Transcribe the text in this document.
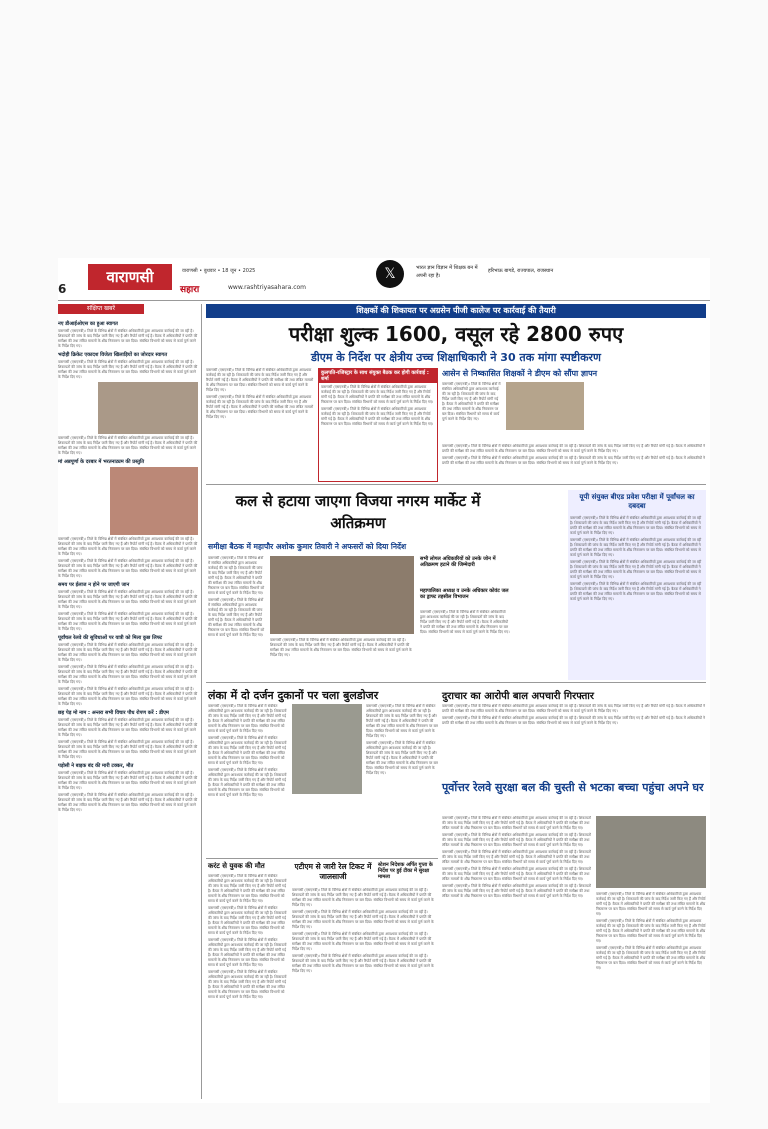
6
वाराणसी	वाराणसी • बुधवार • 18 जून • 2025
सहारा	www.rashtriyasahara.com
𝕏	भारत ज्ञान विज्ञान में शिक्षक बन में अपनी रहा है।
हरिभाऊ बागडे, राज्यपाल, राजस्थान
संक्षिप्त खबरें
नए डीआईओएस का हुआ स्वागत

वाराणसी (एसएनबी)। जिले के विभिन्न क्षेत्रों में संबंधित अधिकारियों द्वारा आवश्यक कार्रवाई की जा रही है। शिकायतों की जांच के बाद निर्देश जारी किए गए हैं और रिपोर्ट मांगी गई है। बैठक में अधिकारियों ने प्रगति की समीक्षा की तथा लंबित मामलों के शीघ्र निस्तारण पर बल दिया। संबंधित विभागों को समय से कार्य पूर्ण करने के निर्देश दिए गए।

भदोही क्रिकेट एकादश विजेता खिलाड़ियों का जोरदार स्वागत

वाराणसी (एसएनबी)। जिले के विभिन्न क्षेत्रों में संबंधित अधिकारियों द्वारा आवश्यक कार्रवाई की जा रही है। शिकायतों की जांच के बाद निर्देश जारी किए गए हैं और रिपोर्ट मांगी गई है। बैठक में अधिकारियों ने प्रगति की समीक्षा की तथा लंबित मामलों के शीघ्र निस्तारण पर बल दिया। संबंधित विभागों को समय से कार्य पूर्ण करने के निर्देश दिए गए।

वाराणसी (एसएनबी)। जिले के विभिन्न क्षेत्रों में संबंधित अधिकारियों द्वारा आवश्यक कार्रवाई की जा रही है। शिकायतों की जांच के बाद निर्देश जारी किए गए हैं और रिपोर्ट मांगी गई है। बैठक में अधिकारियों ने प्रगति की समीक्षा की तथा लंबित मामलों के शीघ्र निस्तारण पर बल दिया। संबंधित विभागों को समय से कार्य पूर्ण करने के निर्देश दिए गए।

मां अन्नपूर्णा के दरबार में भरतनाट्यम की प्रस्तुति

वाराणसी (एसएनबी)। जिले के विभिन्न क्षेत्रों में संबंधित अधिकारियों द्वारा आवश्यक कार्रवाई की जा रही है। शिकायतों की जांच के बाद निर्देश जारी किए गए हैं और रिपोर्ट मांगी गई है। बैठक में अधिकारियों ने प्रगति की समीक्षा की तथा लंबित मामलों के शीघ्र निस्तारण पर बल दिया। संबंधित विभागों को समय से कार्य पूर्ण करने के निर्देश दिए गए।

वाराणसी (एसएनबी)। जिले के विभिन्न क्षेत्रों में संबंधित अधिकारियों द्वारा आवश्यक कार्रवाई की जा रही है। शिकायतों की जांच के बाद निर्देश जारी किए गए हैं और रिपोर्ट मांगी गई है। बैठक में अधिकारियों ने प्रगति की समीक्षा की तथा लंबित मामलों के शीघ्र निस्तारण पर बल दिया। संबंधित विभागों को समय से कार्य पूर्ण करने के निर्देश दिए गए।

समय पर ईलाज न होने पर जाएगी जान

वाराणसी (एसएनबी)। जिले के विभिन्न क्षेत्रों में संबंधित अधिकारियों द्वारा आवश्यक कार्रवाई की जा रही है। शिकायतों की जांच के बाद निर्देश जारी किए गए हैं और रिपोर्ट मांगी गई है। बैठक में अधिकारियों ने प्रगति की समीक्षा की तथा लंबित मामलों के शीघ्र निस्तारण पर बल दिया। संबंधित विभागों को समय से कार्य पूर्ण करने के निर्देश दिए गए।

वाराणसी (एसएनबी)। जिले के विभिन्न क्षेत्रों में संबंधित अधिकारियों द्वारा आवश्यक कार्रवाई की जा रही है। शिकायतों की जांच के बाद निर्देश जारी किए गए हैं और रिपोर्ट मांगी गई है। बैठक में अधिकारियों ने प्रगति की समीक्षा की तथा लंबित मामलों के शीघ्र निस्तारण पर बल दिया। संबंधित विभागों को समय से कार्य पूर्ण करने के निर्देश दिए गए।

पूर्वांचल रेलवे की सुविधाओं पर यात्री को मिला कुछ लिफ्ट

वाराणसी (एसएनबी)। जिले के विभिन्न क्षेत्रों में संबंधित अधिकारियों द्वारा आवश्यक कार्रवाई की जा रही है। शिकायतों की जांच के बाद निर्देश जारी किए गए हैं और रिपोर्ट मांगी गई है। बैठक में अधिकारियों ने प्रगति की समीक्षा की तथा लंबित मामलों के शीघ्र निस्तारण पर बल दिया। संबंधित विभागों को समय से कार्य पूर्ण करने के निर्देश दिए गए।

वाराणसी (एसएनबी)। जिले के विभिन्न क्षेत्रों में संबंधित अधिकारियों द्वारा आवश्यक कार्रवाई की जा रही है। शिकायतों की जांच के बाद निर्देश जारी किए गए हैं और रिपोर्ट मांगी गई है। बैठक में अधिकारियों ने प्रगति की समीक्षा की तथा लंबित मामलों के शीघ्र निस्तारण पर बल दिया। संबंधित विभागों को समय से कार्य पूर्ण करने के निर्देश दिए गए।

वाराणसी (एसएनबी)। जिले के विभिन्न क्षेत्रों में संबंधित अधिकारियों द्वारा आवश्यक कार्रवाई की जा रही है। शिकायतों की जांच के बाद निर्देश जारी किए गए हैं और रिपोर्ट मांगी गई है। बैठक में अधिकारियों ने प्रगति की समीक्षा की तथा लंबित मामलों के शीघ्र निस्तारण पर बल दिया। संबंधित विभागों को समय से कार्य पूर्ण करने के निर्देश दिए गए।

छह पेड़ मो नाम : अन्तरा सभी विचार पौध रोपण करें : डीएम

वाराणसी (एसएनबी)। जिले के विभिन्न क्षेत्रों में संबंधित अधिकारियों द्वारा आवश्यक कार्रवाई की जा रही है। शिकायतों की जांच के बाद निर्देश जारी किए गए हैं और रिपोर्ट मांगी गई है। बैठक में अधिकारियों ने प्रगति की समीक्षा की तथा लंबित मामलों के शीघ्र निस्तारण पर बल दिया। संबंधित विभागों को समय से कार्य पूर्ण करने के निर्देश दिए गए।

वाराणसी (एसएनबी)। जिले के विभिन्न क्षेत्रों में संबंधित अधिकारियों द्वारा आवश्यक कार्रवाई की जा रही है। शिकायतों की जांच के बाद निर्देश जारी किए गए हैं और रिपोर्ट मांगी गई है। बैठक में अधिकारियों ने प्रगति की समीक्षा की तथा लंबित मामलों के शीघ्र निस्तारण पर बल दिया। संबंधित विभागों को समय से कार्य पूर्ण करने के निर्देश दिए गए।

पड़ोसी ने बाइक बंद की मारी टक्कर, मौत

वाराणसी (एसएनबी)। जिले के विभिन्न क्षेत्रों में संबंधित अधिकारियों द्वारा आवश्यक कार्रवाई की जा रही है। शिकायतों की जांच के बाद निर्देश जारी किए गए हैं और रिपोर्ट मांगी गई है। बैठक में अधिकारियों ने प्रगति की समीक्षा की तथा लंबित मामलों के शीघ्र निस्तारण पर बल दिया। संबंधित विभागों को समय से कार्य पूर्ण करने के निर्देश दिए गए।

वाराणसी (एसएनबी)। जिले के विभिन्न क्षेत्रों में संबंधित अधिकारियों द्वारा आवश्यक कार्रवाई की जा रही है। शिकायतों की जांच के बाद निर्देश जारी किए गए हैं और रिपोर्ट मांगी गई है। बैठक में अधिकारियों ने प्रगति की समीक्षा की तथा लंबित मामलों के शीघ्र निस्तारण पर बल दिया। संबंधित विभागों को समय से कार्य पूर्ण करने के निर्देश दिए गए।

शिक्षकों की शिकायत पर अग्रसेन पीजी कालेज पर कार्रवाई की तैयारी
परीक्षा शुल्क 1600, वसूल रहे 2800 रुपए
डीएम के निर्देश पर क्षेत्रीय उच्च शिक्षाधिकारी ने 30 तक मांगा स्पष्टीकरण

वाराणसी (एसएनबी)। जिले के विभिन्न क्षेत्रों में संबंधित अधिकारियों द्वारा आवश्यक कार्रवाई की जा रही है। शिकायतों की जांच के बाद निर्देश जारी किए गए हैं और रिपोर्ट मांगी गई है। बैठक में अधिकारियों ने प्रगति की समीक्षा की तथा लंबित मामलों के शीघ्र निस्तारण पर बल दिया। संबंधित विभागों को समय से कार्य पूर्ण करने के निर्देश दिए गए।

वाराणसी (एसएनबी)। जिले के विभिन्न क्षेत्रों में संबंधित अधिकारियों द्वारा आवश्यक कार्रवाई की जा रही है। शिकायतों की जांच के बाद निर्देश जारी किए गए हैं और रिपोर्ट मांगी गई है। बैठक में अधिकारियों ने प्रगति की समीक्षा की तथा लंबित मामलों के शीघ्र निस्तारण पर बल दिया। संबंधित विभागों को समय से कार्य पूर्ण करने के निर्देश दिए गए।

कुलपति-रजिस्ट्रार के साथ संयुक्त बैठक कर होगी कार्रवाई : शर्मा

वाराणसी (एसएनबी)। जिले के विभिन्न क्षेत्रों में संबंधित अधिकारियों द्वारा आवश्यक कार्रवाई की जा रही है। शिकायतों की जांच के बाद निर्देश जारी किए गए हैं और रिपोर्ट मांगी गई है। बैठक में अधिकारियों ने प्रगति की समीक्षा की तथा लंबित मामलों के शीघ्र निस्तारण पर बल दिया। संबंधित विभागों को समय से कार्य पूर्ण करने के निर्देश दिए गए।

वाराणसी (एसएनबी)। जिले के विभिन्न क्षेत्रों में संबंधित अधिकारियों द्वारा आवश्यक कार्रवाई की जा रही है। शिकायतों की जांच के बाद निर्देश जारी किए गए हैं और रिपोर्ट मांगी गई है। बैठक में अधिकारियों ने प्रगति की समीक्षा की तथा लंबित मामलों के शीघ्र निस्तारण पर बल दिया। संबंधित विभागों को समय से कार्य पूर्ण करने के निर्देश दिए गए।

आसेन से निष्कासित शिक्षकों ने डीएम को सौंपा ज्ञापन

वाराणसी (एसएनबी)। जिले के विभिन्न क्षेत्रों में संबंधित अधिकारियों द्वारा आवश्यक कार्रवाई की जा रही है। शिकायतों की जांच के बाद निर्देश जारी किए गए हैं और रिपोर्ट मांगी गई है। बैठक में अधिकारियों ने प्रगति की समीक्षा की तथा लंबित मामलों के शीघ्र निस्तारण पर बल दिया। संबंधित विभागों को समय से कार्य पूर्ण करने के निर्देश दिए गए।

वाराणसी (एसएनबी)। जिले के विभिन्न क्षेत्रों में संबंधित अधिकारियों द्वारा आवश्यक कार्रवाई की जा रही है। शिकायतों की जांच के बाद निर्देश जारी किए गए हैं और रिपोर्ट मांगी गई है। बैठक में अधिकारियों ने प्रगति की समीक्षा की तथा लंबित मामलों के शीघ्र निस्तारण पर बल दिया। संबंधित विभागों को समय से कार्य पूर्ण करने के निर्देश दिए गए।

वाराणसी (एसएनबी)। जिले के विभिन्न क्षेत्रों में संबंधित अधिकारियों द्वारा आवश्यक कार्रवाई की जा रही है। शिकायतों की जांच के बाद निर्देश जारी किए गए हैं और रिपोर्ट मांगी गई है। बैठक में अधिकारियों ने प्रगति की समीक्षा की तथा लंबित मामलों के शीघ्र निस्तारण पर बल दिया। संबंधित विभागों को समय से कार्य पूर्ण करने के निर्देश दिए गए।

कल से हटाया जाएगा विजया नगरम मार्केट में अतिक्रमण
समीक्षा बैठक में महापौर अशोक कुमार तिवारी ने अफसरों को दिया निर्देश

वाराणसी (एसएनबी)। जिले के विभिन्न क्षेत्रों में संबंधित अधिकारियों द्वारा आवश्यक कार्रवाई की जा रही है। शिकायतों की जांच के बाद निर्देश जारी किए गए हैं और रिपोर्ट मांगी गई है। बैठक में अधिकारियों ने प्रगति की समीक्षा की तथा लंबित मामलों के शीघ्र निस्तारण पर बल दिया। संबंधित विभागों को समय से कार्य पूर्ण करने के निर्देश दिए गए।

वाराणसी (एसएनबी)। जिले के विभिन्न क्षेत्रों में संबंधित अधिकारियों द्वारा आवश्यक कार्रवाई की जा रही है। शिकायतों की जांच के बाद निर्देश जारी किए गए हैं और रिपोर्ट मांगी गई है। बैठक में अधिकारियों ने प्रगति की समीक्षा की तथा लंबित मामलों के शीघ्र निस्तारण पर बल दिया। संबंधित विभागों को समय से कार्य पूर्ण करने के निर्देश दिए गए।

वाराणसी (एसएनबी)। जिले के विभिन्न क्षेत्रों में संबंधित अधिकारियों द्वारा आवश्यक कार्रवाई की जा रही है। शिकायतों की जांच के बाद निर्देश जारी किए गए हैं और रिपोर्ट मांगी गई है। बैठक में अधिकारियों ने प्रगति की समीक्षा की तथा लंबित मामलों के शीघ्र निस्तारण पर बल दिया। संबंधित विभागों को समय से कार्य पूर्ण करने के निर्देश दिए गए।

सभी लोगल अधिकारियों को उनके जोन में अतिक्रमण हटाने की जिम्मेदारी
महापालिका अध्यक्ष व उनके अधिकार कोवंट जल का ड्राफ्ट तहसील विभाजन

वाराणसी (एसएनबी)। जिले के विभिन्न क्षेत्रों में संबंधित अधिकारियों द्वारा आवश्यक कार्रवाई की जा रही है। शिकायतों की जांच के बाद निर्देश जारी किए गए हैं और रिपोर्ट मांगी गई है। बैठक में अधिकारियों ने प्रगति की समीक्षा की तथा लंबित मामलों के शीघ्र निस्तारण पर बल दिया। संबंधित विभागों को समय से कार्य पूर्ण करने के निर्देश दिए गए।

यूपी संयुक्त बीएड प्रवेश परीक्षा में पूर्वांचल का दबदबा

वाराणसी (एसएनबी)। जिले के विभिन्न क्षेत्रों में संबंधित अधिकारियों द्वारा आवश्यक कार्रवाई की जा रही है। शिकायतों की जांच के बाद निर्देश जारी किए गए हैं और रिपोर्ट मांगी गई है। बैठक में अधिकारियों ने प्रगति की समीक्षा की तथा लंबित मामलों के शीघ्र निस्तारण पर बल दिया। संबंधित विभागों को समय से कार्य पूर्ण करने के निर्देश दिए गए।

वाराणसी (एसएनबी)। जिले के विभिन्न क्षेत्रों में संबंधित अधिकारियों द्वारा आवश्यक कार्रवाई की जा रही है। शिकायतों की जांच के बाद निर्देश जारी किए गए हैं और रिपोर्ट मांगी गई है। बैठक में अधिकारियों ने प्रगति की समीक्षा की तथा लंबित मामलों के शीघ्र निस्तारण पर बल दिया। संबंधित विभागों को समय से कार्य पूर्ण करने के निर्देश दिए गए।

वाराणसी (एसएनबी)। जिले के विभिन्न क्षेत्रों में संबंधित अधिकारियों द्वारा आवश्यक कार्रवाई की जा रही है। शिकायतों की जांच के बाद निर्देश जारी किए गए हैं और रिपोर्ट मांगी गई है। बैठक में अधिकारियों ने प्रगति की समीक्षा की तथा लंबित मामलों के शीघ्र निस्तारण पर बल दिया। संबंधित विभागों को समय से कार्य पूर्ण करने के निर्देश दिए गए।

वाराणसी (एसएनबी)। जिले के विभिन्न क्षेत्रों में संबंधित अधिकारियों द्वारा आवश्यक कार्रवाई की जा रही है। शिकायतों की जांच के बाद निर्देश जारी किए गए हैं और रिपोर्ट मांगी गई है। बैठक में अधिकारियों ने प्रगति की समीक्षा की तथा लंबित मामलों के शीघ्र निस्तारण पर बल दिया। संबंधित विभागों को समय से कार्य पूर्ण करने के निर्देश दिए गए।

लंका में दो दर्जन दुकानों पर चला बुलडोजर

वाराणसी (एसएनबी)। जिले के विभिन्न क्षेत्रों में संबंधित अधिकारियों द्वारा आवश्यक कार्रवाई की जा रही है। शिकायतों की जांच के बाद निर्देश जारी किए गए हैं और रिपोर्ट मांगी गई है। बैठक में अधिकारियों ने प्रगति की समीक्षा की तथा लंबित मामलों के शीघ्र निस्तारण पर बल दिया। संबंधित विभागों को समय से कार्य पूर्ण करने के निर्देश दिए गए।

वाराणसी (एसएनबी)। जिले के विभिन्न क्षेत्रों में संबंधित अधिकारियों द्वारा आवश्यक कार्रवाई की जा रही है। शिकायतों की जांच के बाद निर्देश जारी किए गए हैं और रिपोर्ट मांगी गई है। बैठक में अधिकारियों ने प्रगति की समीक्षा की तथा लंबित मामलों के शीघ्र निस्तारण पर बल दिया। संबंधित विभागों को समय से कार्य पूर्ण करने के निर्देश दिए गए।

वाराणसी (एसएनबी)। जिले के विभिन्न क्षेत्रों में संबंधित अधिकारियों द्वारा आवश्यक कार्रवाई की जा रही है। शिकायतों की जांच के बाद निर्देश जारी किए गए हैं और रिपोर्ट मांगी गई है। बैठक में अधिकारियों ने प्रगति की समीक्षा की तथा लंबित मामलों के शीघ्र निस्तारण पर बल दिया। संबंधित विभागों को समय से कार्य पूर्ण करने के निर्देश दिए गए।

वाराणसी (एसएनबी)। जिले के विभिन्न क्षेत्रों में संबंधित अधिकारियों द्वारा आवश्यक कार्रवाई की जा रही है। शिकायतों की जांच के बाद निर्देश जारी किए गए हैं और रिपोर्ट मांगी गई है। बैठक में अधिकारियों ने प्रगति की समीक्षा की तथा लंबित मामलों के शीघ्र निस्तारण पर बल दिया। संबंधित विभागों को समय से कार्य पूर्ण करने के निर्देश दिए गए।

वाराणसी (एसएनबी)। जिले के विभिन्न क्षेत्रों में संबंधित अधिकारियों द्वारा आवश्यक कार्रवाई की जा रही है। शिकायतों की जांच के बाद निर्देश जारी किए गए हैं और रिपोर्ट मांगी गई है। बैठक में अधिकारियों ने प्रगति की समीक्षा की तथा लंबित मामलों के शीघ्र निस्तारण पर बल दिया। संबंधित विभागों को समय से कार्य पूर्ण करने के निर्देश दिए गए।

दुराचार का आरोपी बाल अपचारी गिरफ्तार

वाराणसी (एसएनबी)। जिले के विभिन्न क्षेत्रों में संबंधित अधिकारियों द्वारा आवश्यक कार्रवाई की जा रही है। शिकायतों की जांच के बाद निर्देश जारी किए गए हैं और रिपोर्ट मांगी गई है। बैठक में अधिकारियों ने प्रगति की समीक्षा की तथा लंबित मामलों के शीघ्र निस्तारण पर बल दिया। संबंधित विभागों को समय से कार्य पूर्ण करने के निर्देश दिए गए।

वाराणसी (एसएनबी)। जिले के विभिन्न क्षेत्रों में संबंधित अधिकारियों द्वारा आवश्यक कार्रवाई की जा रही है। शिकायतों की जांच के बाद निर्देश जारी किए गए हैं और रिपोर्ट मांगी गई है। बैठक में अधिकारियों ने प्रगति की समीक्षा की तथा लंबित मामलों के शीघ्र निस्तारण पर बल दिया। संबंधित विभागों को समय से कार्य पूर्ण करने के निर्देश दिए गए।

पूर्वोत्तर रेलवे सुरक्षा बल की चुस्ती से भटका बच्चा पहुंचा अपने घर

वाराणसी (एसएनबी)। जिले के विभिन्न क्षेत्रों में संबंधित अधिकारियों द्वारा आवश्यक कार्रवाई की जा रही है। शिकायतों की जांच के बाद निर्देश जारी किए गए हैं और रिपोर्ट मांगी गई है। बैठक में अधिकारियों ने प्रगति की समीक्षा की तथा लंबित मामलों के शीघ्र निस्तारण पर बल दिया। संबंधित विभागों को समय से कार्य पूर्ण करने के निर्देश दिए गए।

वाराणसी (एसएनबी)। जिले के विभिन्न क्षेत्रों में संबंधित अधिकारियों द्वारा आवश्यक कार्रवाई की जा रही है। शिकायतों की जांच के बाद निर्देश जारी किए गए हैं और रिपोर्ट मांगी गई है। बैठक में अधिकारियों ने प्रगति की समीक्षा की तथा लंबित मामलों के शीघ्र निस्तारण पर बल दिया। संबंधित विभागों को समय से कार्य पूर्ण करने के निर्देश दिए गए।

वाराणसी (एसएनबी)। जिले के विभिन्न क्षेत्रों में संबंधित अधिकारियों द्वारा आवश्यक कार्रवाई की जा रही है। शिकायतों की जांच के बाद निर्देश जारी किए गए हैं और रिपोर्ट मांगी गई है। बैठक में अधिकारियों ने प्रगति की समीक्षा की तथा लंबित मामलों के शीघ्र निस्तारण पर बल दिया। संबंधित विभागों को समय से कार्य पूर्ण करने के निर्देश दिए गए।

वाराणसी (एसएनबी)। जिले के विभिन्न क्षेत्रों में संबंधित अधिकारियों द्वारा आवश्यक कार्रवाई की जा रही है। शिकायतों की जांच के बाद निर्देश जारी किए गए हैं और रिपोर्ट मांगी गई है। बैठक में अधिकारियों ने प्रगति की समीक्षा की तथा लंबित मामलों के शीघ्र निस्तारण पर बल दिया। संबंधित विभागों को समय से कार्य पूर्ण करने के निर्देश दिए गए।

वाराणसी (एसएनबी)। जिले के विभिन्न क्षेत्रों में संबंधित अधिकारियों द्वारा आवश्यक कार्रवाई की जा रही है। शिकायतों की जांच के बाद निर्देश जारी किए गए हैं और रिपोर्ट मांगी गई है। बैठक में अधिकारियों ने प्रगति की समीक्षा की तथा लंबित मामलों के शीघ्र निस्तारण पर बल दिया। संबंधित विभागों को समय से कार्य पूर्ण करने के निर्देश दिए गए।	वाराणसी (एसएनबी)। जिले के विभिन्न क्षेत्रों में संबंधित अधिकारियों द्वारा आवश्यक कार्रवाई की जा रही है। शिकायतों की जांच के बाद निर्देश जारी किए गए हैं और रिपोर्ट मांगी गई है। बैठक में अधिकारियों ने प्रगति की समीक्षा की तथा लंबित मामलों के शीघ्र निस्तारण पर बल दिया। संबंधित विभागों को समय से कार्य पूर्ण करने के निर्देश दिए गए।

वाराणसी (एसएनबी)। जिले के विभिन्न क्षेत्रों में संबंधित अधिकारियों द्वारा आवश्यक कार्रवाई की जा रही है। शिकायतों की जांच के बाद निर्देश जारी किए गए हैं और रिपोर्ट मांगी गई है। बैठक में अधिकारियों ने प्रगति की समीक्षा की तथा लंबित मामलों के शीघ्र निस्तारण पर बल दिया। संबंधित विभागों को समय से कार्य पूर्ण करने के निर्देश दिए गए।

वाराणसी (एसएनबी)। जिले के विभिन्न क्षेत्रों में संबंधित अधिकारियों द्वारा आवश्यक कार्रवाई की जा रही है। शिकायतों की जांच के बाद निर्देश जारी किए गए हैं और रिपोर्ट मांगी गई है। बैठक में अधिकारियों ने प्रगति की समीक्षा की तथा लंबित मामलों के शीघ्र निस्तारण पर बल दिया। संबंधित विभागों को समय से कार्य पूर्ण करने के निर्देश दिए गए।

करंट से युवक की मौत

वाराणसी (एसएनबी)। जिले के विभिन्न क्षेत्रों में संबंधित अधिकारियों द्वारा आवश्यक कार्रवाई की जा रही है। शिकायतों की जांच के बाद निर्देश जारी किए गए हैं और रिपोर्ट मांगी गई है। बैठक में अधिकारियों ने प्रगति की समीक्षा की तथा लंबित मामलों के शीघ्र निस्तारण पर बल दिया। संबंधित विभागों को समय से कार्य पूर्ण करने के निर्देश दिए गए।

वाराणसी (एसएनबी)। जिले के विभिन्न क्षेत्रों में संबंधित अधिकारियों द्वारा आवश्यक कार्रवाई की जा रही है। शिकायतों की जांच के बाद निर्देश जारी किए गए हैं और रिपोर्ट मांगी गई है। बैठक में अधिकारियों ने प्रगति की समीक्षा की तथा लंबित मामलों के शीघ्र निस्तारण पर बल दिया। संबंधित विभागों को समय से कार्य पूर्ण करने के निर्देश दिए गए।

वाराणसी (एसएनबी)। जिले के विभिन्न क्षेत्रों में संबंधित अधिकारियों द्वारा आवश्यक कार्रवाई की जा रही है। शिकायतों की जांच के बाद निर्देश जारी किए गए हैं और रिपोर्ट मांगी गई है। बैठक में अधिकारियों ने प्रगति की समीक्षा की तथा लंबित मामलों के शीघ्र निस्तारण पर बल दिया। संबंधित विभागों को समय से कार्य पूर्ण करने के निर्देश दिए गए।

वाराणसी (एसएनबी)। जिले के विभिन्न क्षेत्रों में संबंधित अधिकारियों द्वारा आवश्यक कार्रवाई की जा रही है। शिकायतों की जांच के बाद निर्देश जारी किए गए हैं और रिपोर्ट मांगी गई है। बैठक में अधिकारियों ने प्रगति की समीक्षा की तथा लंबित मामलों के शीघ्र निस्तारण पर बल दिया। संबंधित विभागों को समय से कार्य पूर्ण करने के निर्देश दिए गए।

एटीएम से जारी रेल टिकट में जालसाजी

वाराणसी (एसएनबी)। जिले के विभिन्न क्षेत्रों में संबंधित अधिकारियों द्वारा आवश्यक कार्रवाई की जा रही है। शिकायतों की जांच के बाद निर्देश जारी किए गए हैं और रिपोर्ट मांगी गई है। बैठक में अधिकारियों ने प्रगति की समीक्षा की तथा लंबित मामलों के शीघ्र निस्तारण पर बल दिया। संबंधित विभागों को समय से कार्य पूर्ण करने के निर्देश दिए गए।

वाराणसी (एसएनबी)। जिले के विभिन्न क्षेत्रों में संबंधित अधिकारियों द्वारा आवश्यक कार्रवाई की जा रही है। शिकायतों की जांच के बाद निर्देश जारी किए गए हैं और रिपोर्ट मांगी गई है। बैठक में अधिकारियों ने प्रगति की समीक्षा की तथा लंबित मामलों के शीघ्र निस्तारण पर बल दिया। संबंधित विभागों को समय से कार्य पूर्ण करने के निर्देश दिए गए।

वाराणसी (एसएनबी)। जिले के विभिन्न क्षेत्रों में संबंधित अधिकारियों द्वारा आवश्यक कार्रवाई की जा रही है। शिकायतों की जांच के बाद निर्देश जारी किए गए हैं और रिपोर्ट मांगी गई है। बैठक में अधिकारियों ने प्रगति की समीक्षा की तथा लंबित मामलों के शीघ्र निस्तारण पर बल दिया। संबंधित विभागों को समय से कार्य पूर्ण करने के निर्देश दिए गए।

वाराणसी (एसएनबी)। जिले के विभिन्न क्षेत्रों में संबंधित अधिकारियों द्वारा आवश्यक कार्रवाई की जा रही है। शिकायतों की जांच के बाद निर्देश जारी किए गए हैं और रिपोर्ट मांगी गई है। बैठक में अधिकारियों ने प्रगति की समीक्षा की तथा लंबित मामलों के शीघ्र निस्तारण पर बल दिया। संबंधित विभागों को समय से कार्य पूर्ण करने के निर्देश दिए गए।

स्टेशन निदेशक अर्पित गुप्ता के निर्देश पर हुई टीका में सुरक्षा मामला
